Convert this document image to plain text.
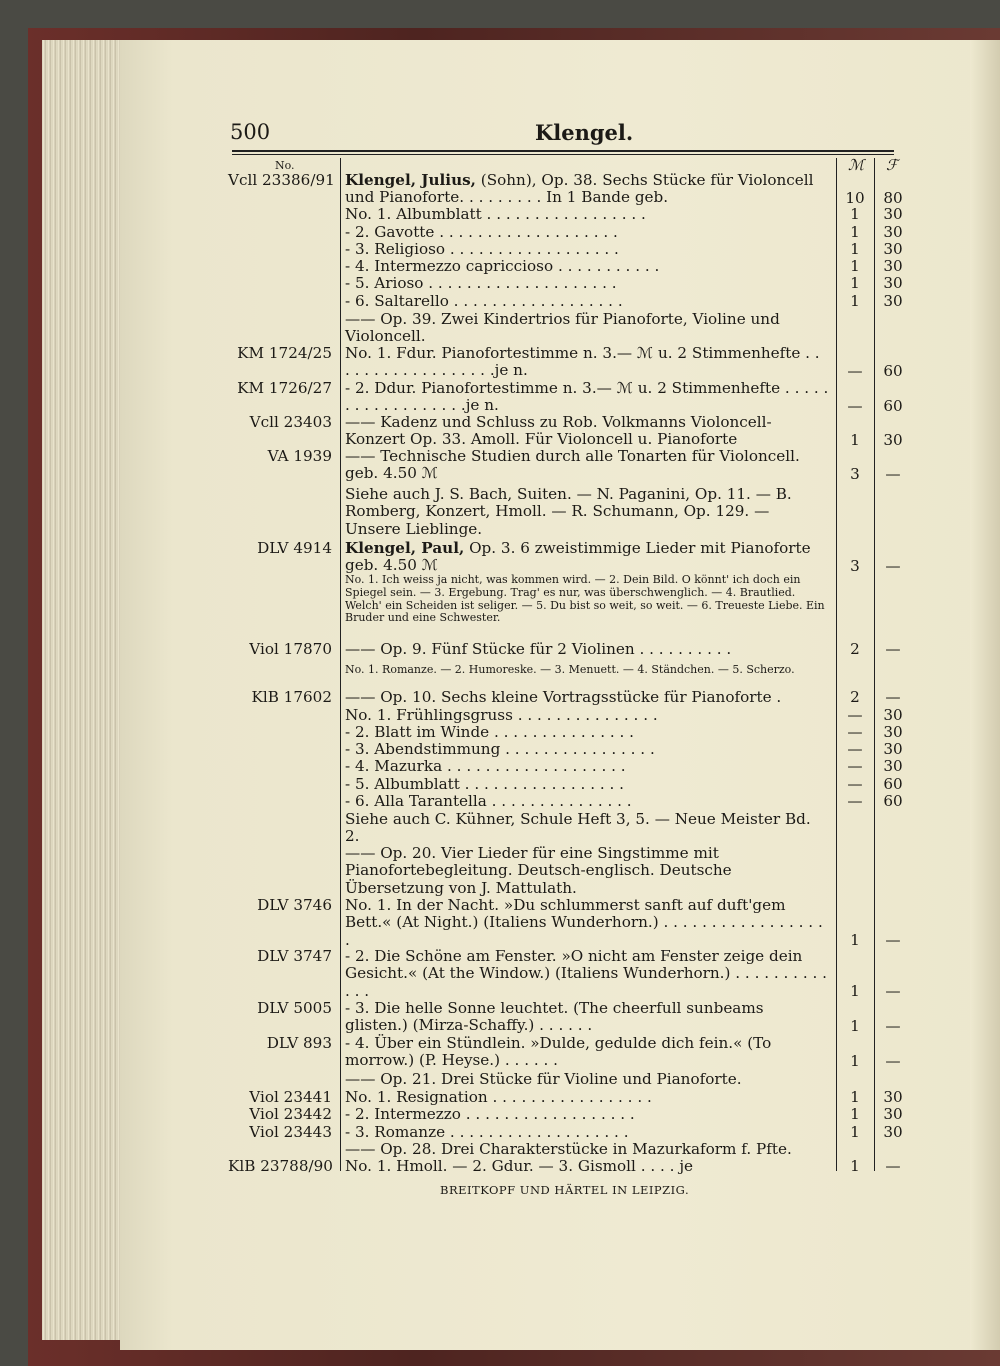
500	Klengel.
No.	ℳ ℱ
Vcll 23386/91 Klengel, Julius, (Sohn), Op. 38. Sechs Stücke für Violoncell und Pianoforte. . . . . . . . . In 1 Bande geb.	10 80
No. 1. Albumblatt . . . . . . . . . . . . . . . . .	1	30
- 2. Gavotte . . . . . . . . . . . . . . . . . . .	1	30
- 3. Religioso . . . . . . . . . . . . . . . . . .	1	30
- 4. Intermezzo capriccioso . . . . . . . . . . .	1	30
- 5. Arioso . . . . . . . . . . . . . . . . . . . .	1	30
- 6. Saltarello . . . . . . . . . . . . . . . . . .	1	30
—— Op. 39. Zwei Kindertrios für Pianoforte, Violine und Violoncell.
KM 1724/25 No. 1. Fdur. Pianofortestimme n. 3.— ℳ u. 2 Stimmenhefte . . . . . . . . . . . . . . . . . .je n.	— 60
KM 1726/27 - 2. Ddur. Pianofortestimme n. 3.— ℳ u. 2 Stimmenhefte . . . . . . . . . . . . . . . . . .je n.	— 60
Vcll 23403 —— Kadenz und Schluss zu Rob. Volkmanns Violoncell-Konzert Op. 33. Amoll. Für Violoncell u. Pianoforte	1	30
VA 1939 —— Technische Studien durch alle Tonarten für Violoncell. geb. 4.50 ℳ	3	—
Siehe auch J. S. Bach, Suiten. — N. Paganini, Op. 11. — B. Romberg, Konzert, Hmoll. — R. Schumann, Op. 129. — Unsere Lieblinge.
DLV 4914 Klengel, Paul, Op. 3. 6 zweistimmige Lieder mit Pianoforte geb. 4.50 ℳ	3	—
No. 1. Ich weiss ja nicht, was kommen wird. — 2. Dein Bild. O könnt' ich doch ein Spiegel sein. — 3. Ergebung. Trag' es nur, was überschwenglich. — 4. Brautlied. Welch' ein Scheiden ist seliger. — 5. Du bist so weit, so weit. — 6. Treueste Liebe. Ein Bruder und eine Schwester.
Viol 17870 —— Op. 9. Fünf Stücke für 2 Violinen . . . . . . . . . .	2	—
No. 1. Romanze. — 2. Humoreske. — 3. Menuett. — 4. Ständchen. — 5. Scherzo.
KlB 17602 —— Op. 10. Sechs kleine Vortragsstücke für Pianoforte .	2	—
No. 1. Frühlingsgruss . . . . . . . . . . . . . . .	— 30
- 2. Blatt im Winde . . . . . . . . . . . . . . .	— 30
- 3. Abendstimmung . . . . . . . . . . . . . . . .	— 30
- 4. Mazurka . . . . . . . . . . . . . . . . . . .	— 30
- 5. Albumblatt . . . . . . . . . . . . . . . . .	— 60
- 6. Alla Tarantella . . . . . . . . . . . . . . .	— 60
Siehe auch C. Kühner, Schule Heft 3, 5. — Neue Meister Bd. 2.
—— Op. 20. Vier Lieder für eine Singstimme mit Pianofortebegleitung. Deutsch-englisch. Deutsche Übersetzung von J. Mattulath.
DLV 3746 No. 1. In der Nacht. »Du schlummerst sanft auf duft'gem Bett.« (At Night.) (Italiens Wunderhorn.) . . . . . . . . . . . . . . . . . .	1	—
DLV 3747 - 2. Die Schöne am Fenster. »O nicht am Fenster zeige dein Gesicht.« (At the Window.) (Italiens Wunderhorn.) . . . . . . . . . . . . .	1	—
DLV 5005 - 3. Die helle Sonne leuchtet. (The cheerfull sunbeams glisten.) (Mirza-Schaffy.) . . . . . .	1	—
DLV 893 - 4. Über ein Stündlein. »Dulde, gedulde dich fein.« (To morrow.) (P. Heyse.) . . . . . .	1	—
—— Op. 21. Drei Stücke für Violine und Pianoforte.
Viol 23441 No. 1. Resignation . . . . . . . . . . . . . . . . .	1	30
Viol 23442 - 2. Intermezzo . . . . . . . . . . . . . . . . . .	1	30
Viol 23443 - 3. Romanze . . . . . . . . . . . . . . . . . . .	1	30
—— Op. 28. Drei Charakterstücke in Mazurkaform f. Pfte.
KlB 23788/90 No. 1. Hmoll. — 2. Gdur. — 3. Gismoll . . . . je	1	—
BREITKOPF UND HÄRTEL IN LEIPZIG.
